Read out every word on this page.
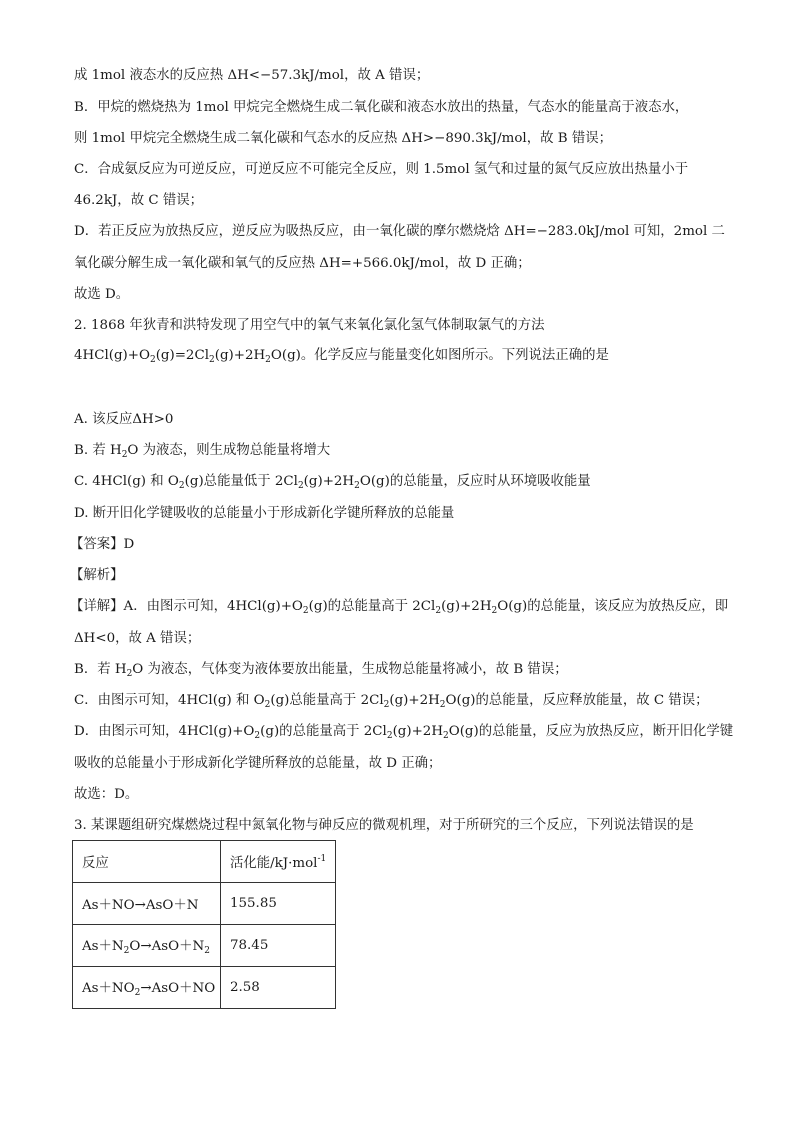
成 1mol 液态水的反应热 ΔH<−57.3kJ/mol，故 A 错误；
B．甲烷的燃烧热为 1mol 甲烷完全燃烧生成二氧化碳和液态水放出的热量，气态水的能量高于液态水，
则 1mol 甲烷完全燃烧生成二氧化碳和气态水的反应热 ΔH>−890.3kJ/mol，故 B 错误；
C．合成氨反应为可逆反应，可逆反应不可能完全反应，则 1.5mol 氢气和过量的氮气反应放出热量小于
46.2kJ，故 C 错误；
D．若正反应为放热反应，逆反应为吸热反应，由一氧化碳的摩尔燃烧焓 ΔH=−283.0kJ/mol 可知，2mol 二
氧化碳分解生成一氧化碳和氧气的反应热 ΔH=+566.0kJ/mol，故 D 正确；
故选 D。
2. 1868 年狄青和洪特发现了用空气中的氧气来氧化氯化氢气体制取氯气的方法
$4HCl(g)+O_2(g)=2Cl_2(g)+2H_2O(g)$。化学反应与能量变化如图所示。下列说法正确的是
A. 该反应ΔH>0
B. 若 $H_2O$ 为液态，则生成物总能量将增大
C. 4HCl(g) 和 $O_2(g)$总能量低于 $2Cl_2(g)+2H_2O(g)$的总能量，反应时从环境吸收能量
D. 断开旧化学键吸收的总能量小于形成新化学键所释放的总能量
【答案】D
【解析】
【详解】A．由图示可知，$4HCl(g)+O_2(g)$的总能量高于 $2Cl_2(g)+2H_2O(g)$的总能量，该反应为放热反应，即
ΔH<0，故 A 错误；
B．若 $H_2O$ 为液态，气体变为液体要放出能量，生成物总能量将减小，故 B 错误；
C．由图示可知，4HCl(g) 和 $O_2(g)$总能量高于 $2Cl_2(g)+2H_2O(g)$的总能量，反应释放能量，故 C 错误；
D．由图示可知，$4HCl(g)+O_2(g)$的总能量高于 $2Cl_2(g)+2H_2O(g)$的总能量，反应为放热反应，断开旧化学键
吸收的总能量小于形成新化学键所释放的总能量，故 D 正确；
故选：D。
3. 某课题组研究煤燃烧过程中氮氧化物与砷反应的微观机理，对于所研究的三个反应，下列说法错误的是
反应	活化能/kJ·mol$^{-1}$
As＋NO→AsO＋N	155.85
$As+N_2O\to AsO+N_2$	78.45
$As+NO_2\to AsO+NO$	2.58
